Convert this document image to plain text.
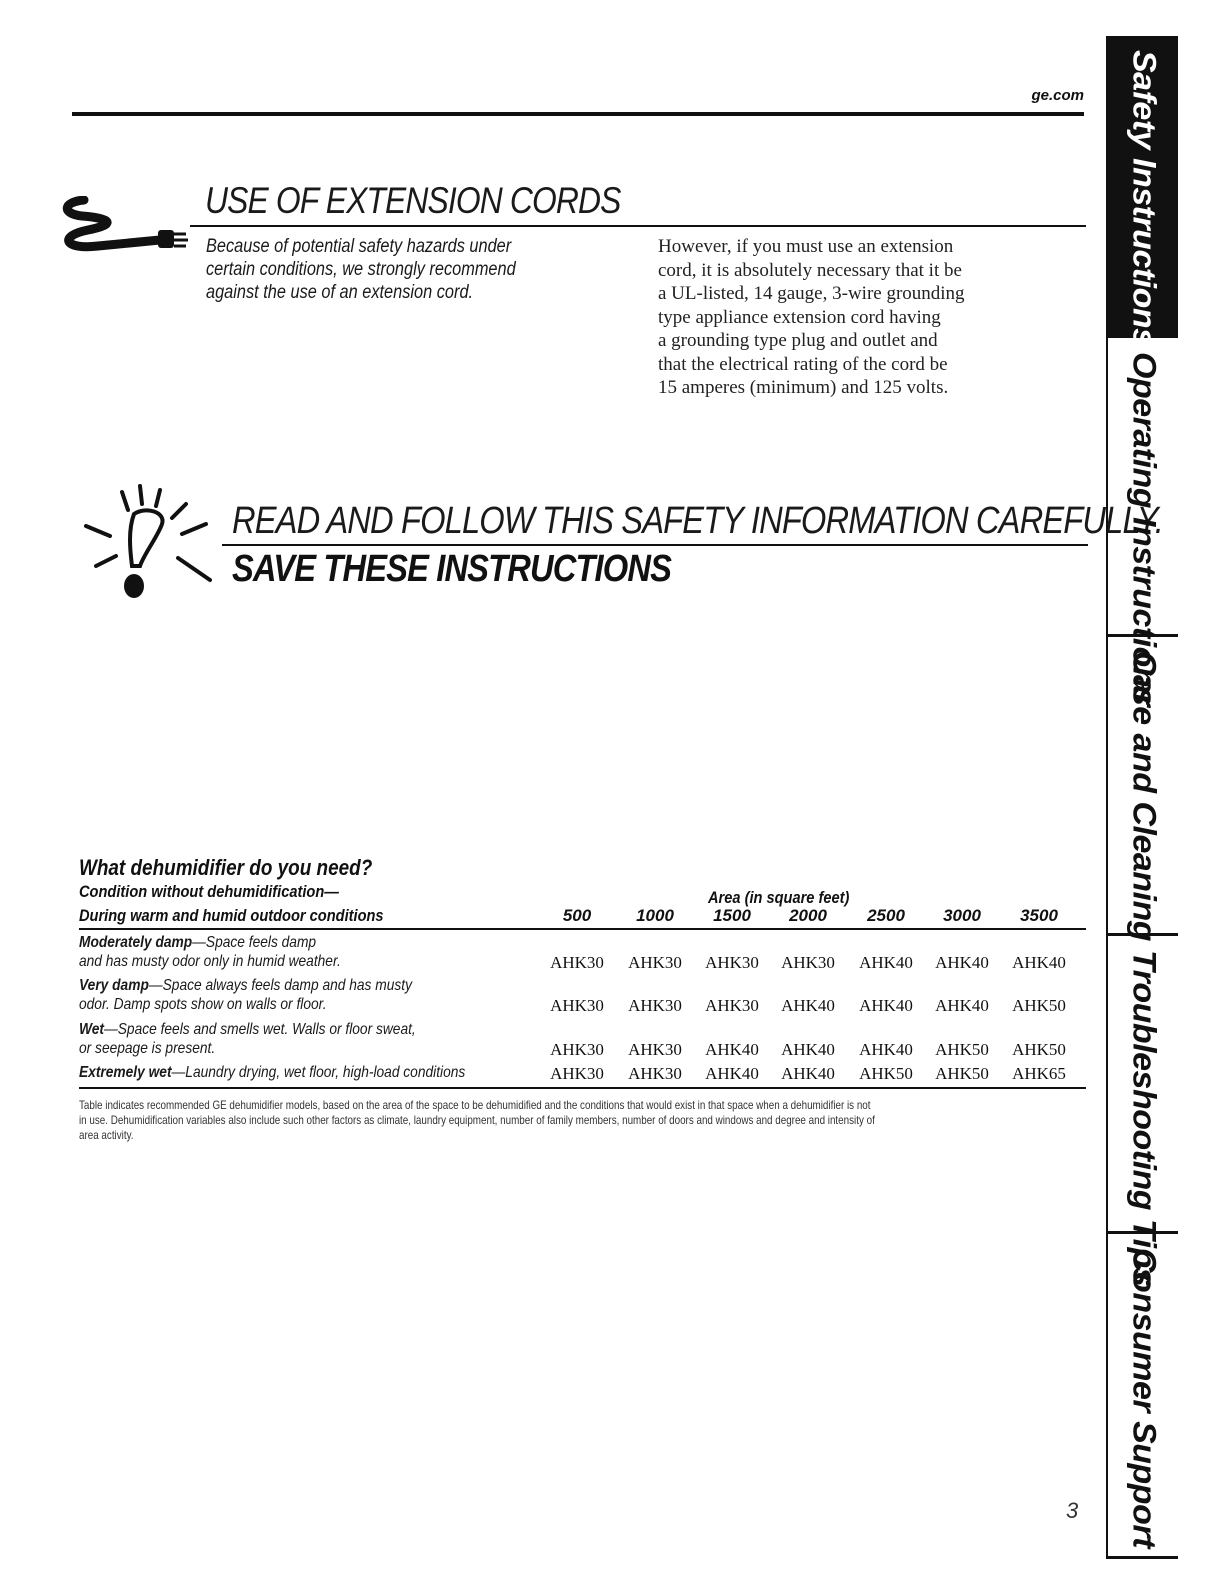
ge.com
USE OF EXTENSION CORDS
Because of potential safety hazards under
certain conditions, we strongly recommend
against the use of an extension cord.
However, if you must use an extension
cord, it is absolutely necessary that it be
a UL-listed, 14 gauge, 3-wire grounding
type appliance extension cord having
a grounding type plug and outlet and
that the electrical rating of the cord be
15 amperes (minimum) and 125 volts.
READ AND FOLLOW THIS SAFETY INFORMATION CAREFULLY.
SAVE THESE INSTRUCTIONS
What dehumidifier do you need?
Condition without dehumidification—
During warm and humid outdoor conditions
Area (in square feet)
500	1000 1500 2000 2500 3000 3500
Moderately damp—Space feels damp
and has musty odor only in humid weather.	AHK30 AHK30 AHK30 AHK30 AHK40 AHK40 AHK40
Very damp—Space always feels damp and has musty
odor. Damp spots show on walls or floor.	AHK30 AHK30 AHK30 AHK40 AHK40 AHK40 AHK50
Wet—Space feels and smells wet. Walls or floor sweat,
or seepage is present.	AHK30 AHK30 AHK40 AHK40 AHK40 AHK50 AHK50
Extremely wet—Laundry drying, wet floor, high-load conditions	AHK30 AHK30 AHK40 AHK40 AHK50 AHK50 AHK65
Table indicates recommended GE dehumidifier models, based on the area of the space to be dehumidified and the conditions that would exist in that space when a dehumidifier is not
in use. Dehumidification variables also include such other factors as climate, laundry equipment, number of family members, number of doors and windows and degree and intensity of
area activity.
Safety Instructions
Operating Instructions
Care and Cleaning
Troubleshooting Tips
Consumer Support
3
